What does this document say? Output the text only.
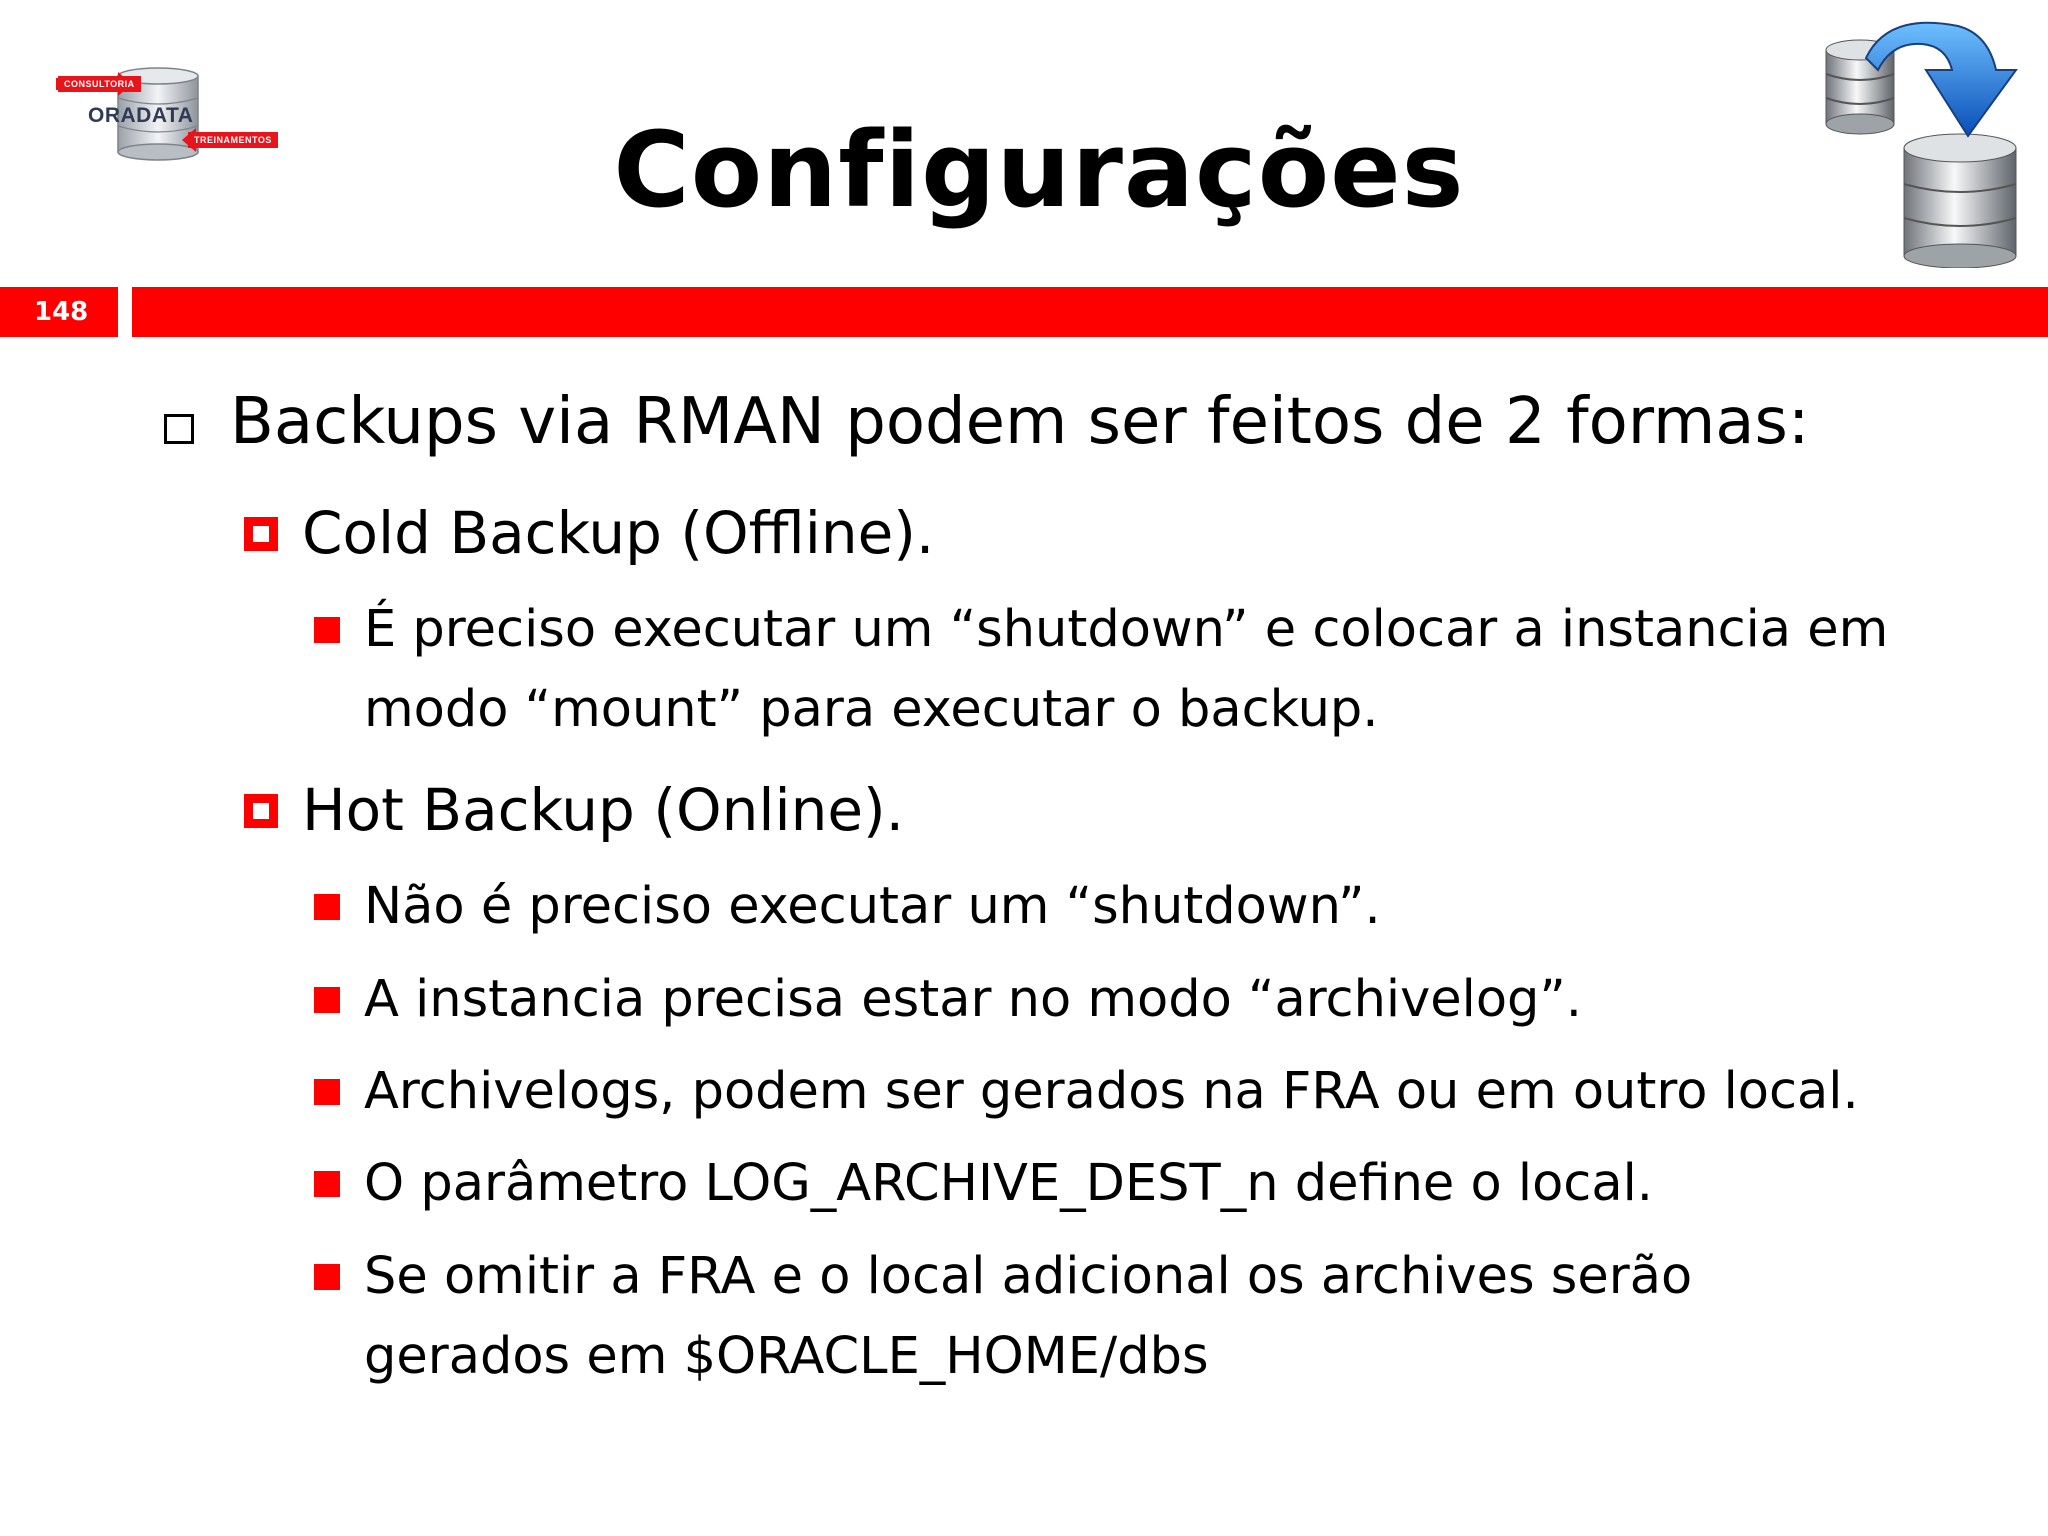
CONSULTORIA
ORADATA
TREINAMENTOS	Configurações
148
Backups via RMAN podem ser feitos de 2 formas:
Cold Backup (Offline).
É preciso executar um “shutdown” e colocar a instancia em
modo “mount” para executar o backup.
Hot Backup (Online).
Não é preciso executar um “shutdown”.
A instancia precisa estar no modo “archivelog”.
Archivelogs, podem ser gerados na FRA ou em outro local.
O parâmetro LOG_ARCHIVE_DEST_n define o local.
Se omitir a FRA e o local adicional os archives serão
gerados em $ORACLE_HOME/dbs
